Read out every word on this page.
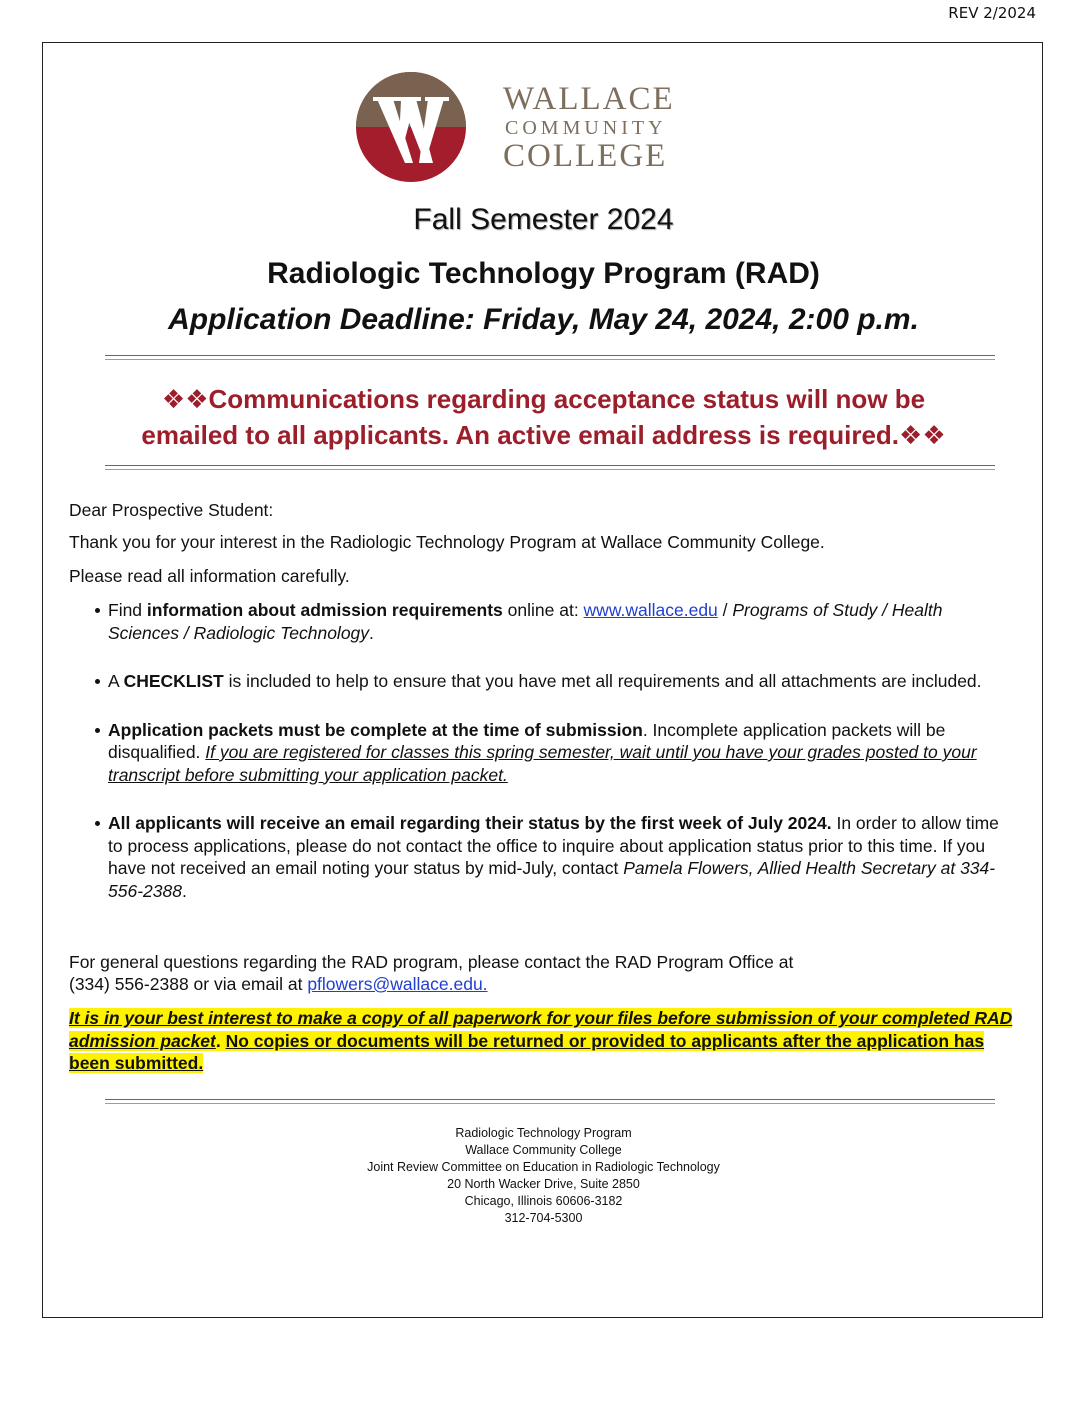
REV 2/2024
WALLACE
COMMUNITY
COLLEGE
Fall Semester 2024
Radiologic Technology Program (RAD)
Application Deadline: Friday, May 24, 2024, 2:00 p.m.
❖❖Communications regarding acceptance status will now be
emailed to all applicants. An active email address is required.❖❖
Dear Prospective Student:
Thank you for your interest in the Radiologic Technology Program at Wallace Community College.
Please read all information carefully.
Find information about admission requirements online at: www.wallace.edu / Programs of Study / Health Sciences / Radiologic Technology.
A CHECKLIST is included to help to ensure that you have met all requirements and all attachments are included.
Application packets must be complete at the time of submission. Incomplete application packets will be disqualified. If you are registered for classes this spring semester, wait until you have your grades posted to your transcript before submitting your application packet.
All applicants will receive an email regarding their status by the first week of July 2024. In order to allow time to process applications, please do not contact the office to inquire about application status prior to this time. If you have not received an email noting your status by mid-July, contact Pamela Flowers, Allied Health Secretary at 334-556-2388.
For general questions regarding the RAD program, please contact the RAD Program Office at
(334) 556-2388 or via email at pflowers@wallace.edu.
It is in your best interest to make a copy of all paperwork for your files before submission of your completed RAD admission packet. No copies or documents will be returned or provided to applicants after the application has been submitted.
Radiologic Technology Program
Wallace Community College
Joint Review Committee on Education in Radiologic Technology
20 North Wacker Drive, Suite 2850
Chicago, Illinois 60606-3182
312-704-5300
